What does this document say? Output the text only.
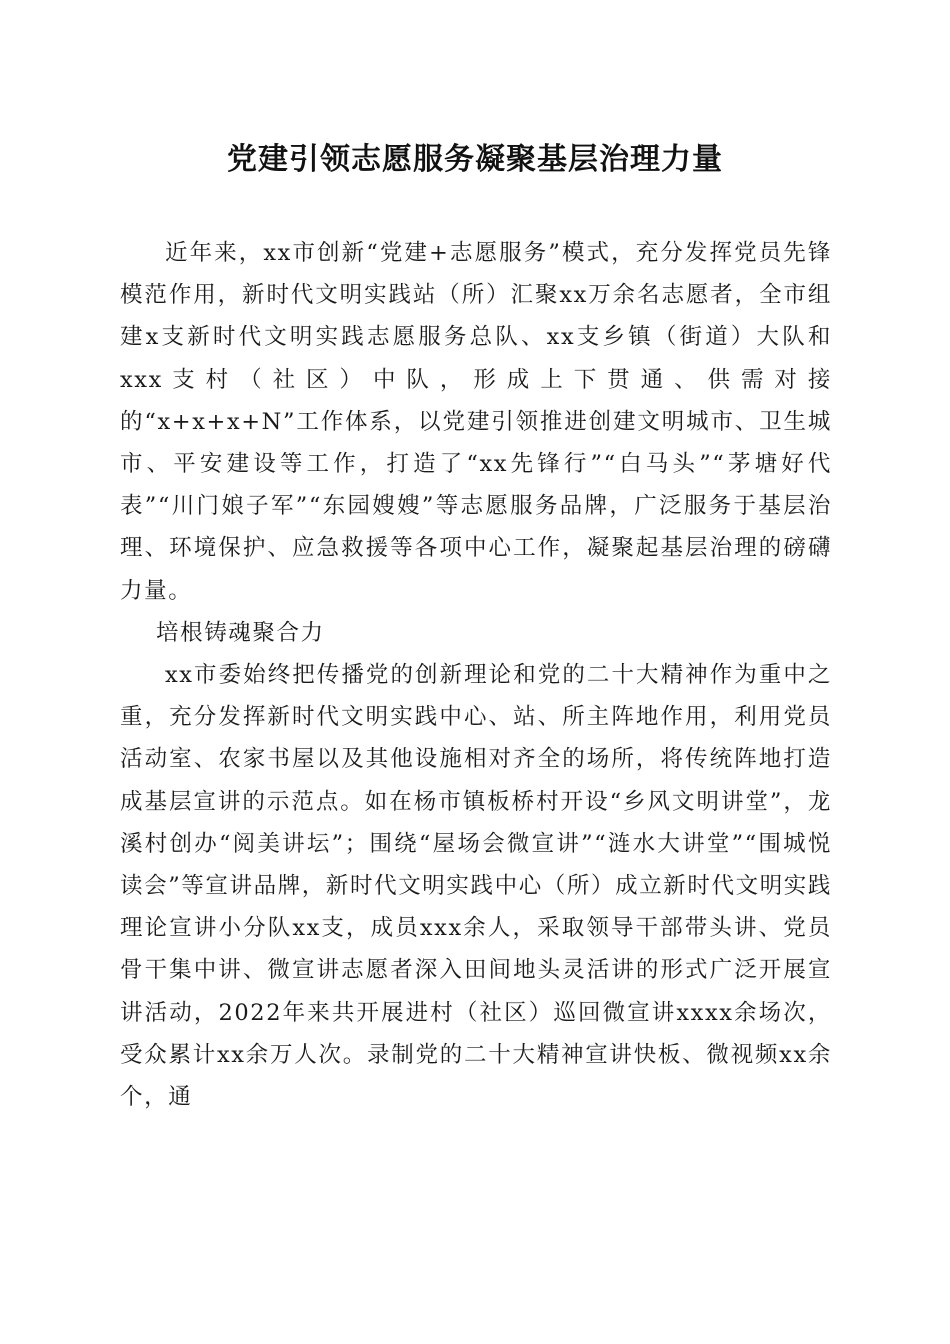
党建引领志愿服务凝聚基层治理力量

近年来，xx市创新“党建+志愿服务”模式，充分发挥党员先锋模范作用，新时代文明实践站（所）汇聚xx万余名志愿者，全市组建x支新时代文明实践志愿服务总队、xx支乡镇（街道）大队和xxx支村（社区）中队，形成上下贯通、供需对接的“x+x+x+N”工作体系，以党建引领推进创建文明城市、卫生城市、平安建设等工作，打造了“xx先锋行”“白马头”“茅塘好代表”“川门娘子军”“东园嫂嫂”等志愿服务品牌，广泛服务于基层治理、环境保护、应急救援等各项中心工作，凝聚起基层治理的磅礴力量。

培根铸魂聚合力

xx市委始终把传播党的创新理论和党的二十大精神作为重中之重，充分发挥新时代文明实践中心、站、所主阵地作用，利用党员活动室、农家书屋以及其他设施相对齐全的场所，将传统阵地打造成基层宣讲的示范点。如在杨市镇板桥村开设“乡风文明讲堂”，龙溪村创办“阅美讲坛”；围绕“屋场会微宣讲”“涟水大讲堂”“围城悦读会”等宣讲品牌，新时代文明实践中心（所）成立新时代文明实践理论宣讲小分队xx支，成员xxx余人，采取领导干部带头讲、党员骨干集中讲、微宣讲志愿者深入田间地头灵活讲的形式广泛开展宣讲活动，2022年来共开展进村（社区）巡回微宣讲xxxx余场次，受众累计xx余万人次。录制党的二十大精神宣讲快板、微视频xx余个，通
